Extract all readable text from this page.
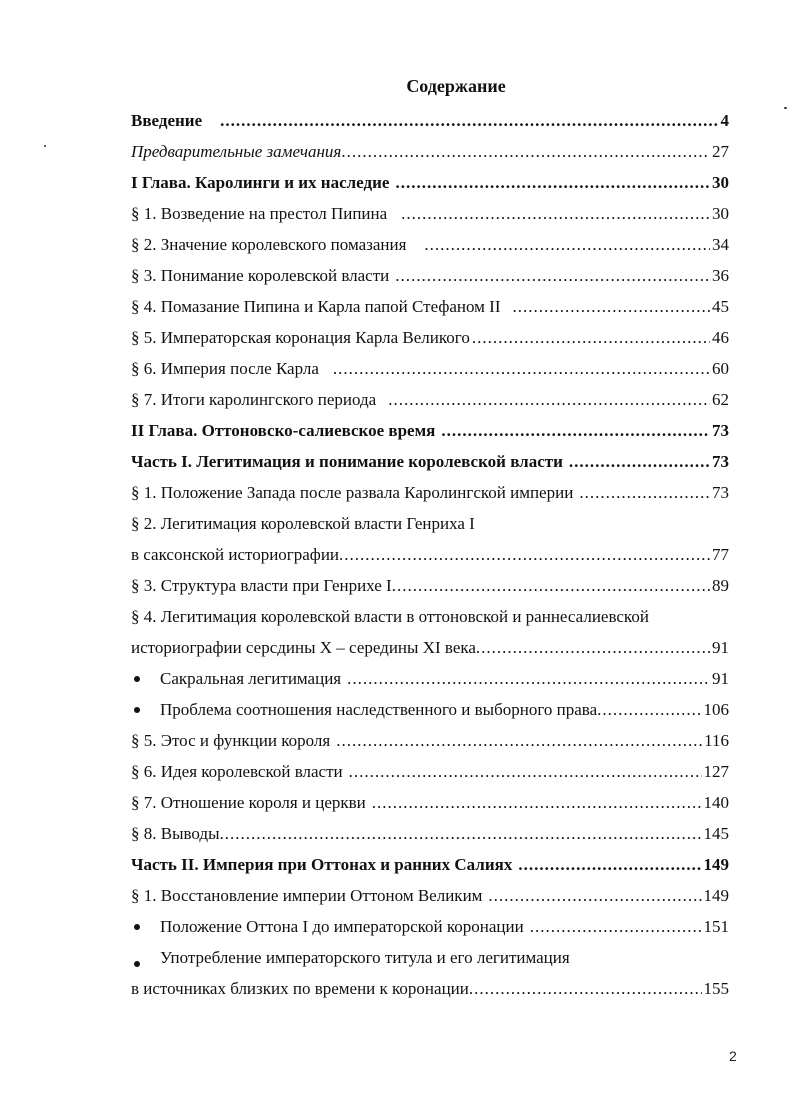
Содержание
Введение .....	4
Предварительные замечания .....	27
I Глава. Каролинги и их наследие .....	30
§ 1. Возведение на престол Пипина .....	30
§ 2. Значение королевского помазания .....	34
§ 3. Понимание королевской власти .....	36
§ 4. Помазание Пипина и Карла папой Стефаном II .....	45
§ 5. Императорская коронация Карла Великого .....	46
§ 6. Империя после Карла .....	60
§ 7. Итоги каролингского периода .....	62
II Глава. Оттоновско-салиевское время .....	73
Часть I. Легитимация и понимание королевской власти .....	73
§ 1. Положение Запада после развала Каролингской империи .....	73
§ 2. Легитимация королевской власти Генриха I
в саксонской историографии .....	77
§ 3. Структура власти при Генрихе I .....	89
§ 4. Легитимация королевской власти в оттоновской и раннесалиевской
историографии серсдины X – середины XI века .....	91
Сакральная легитимация .....	91
Проблема соотношения наследственного и выборного права .....	106
§ 5. Этос и функции короля .....	116
§ 6. Идея королевской власти .....	127
§ 7. Отношение короля и церкви .....	140
§ 8. Выводы .....	145
Часть II. Империя при Оттонах и ранних Салиях .....	149
§ 1. Восстановление империи Оттоном Великим .....	149
Положение Оттона I до императорской коронации .....	151
Употребление императорского титула и его легитимация
в источниках близких по времени к коронации .....	155
2
